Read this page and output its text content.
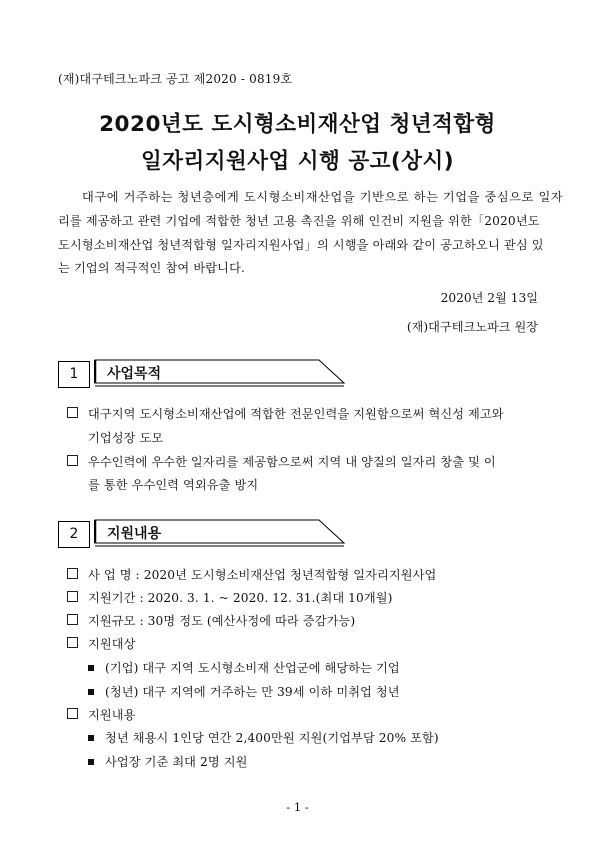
(재)대구테크노파크 공고 제2020 - 0819호
2020년도 도시형소비재산업 청년적합형
일자리지원사업 시행 공고(상시)
대구에 거주하는 청년층에게 도시형소비재산업을 기반으로 하는 기업을 중심으로 일자
리를 제공하고 관련 기업에 적합한 청년 고용 촉진을 위해 인건비 지원을 위한「2020년도
도시형소비재산업 청년적합형 일자리지원사업」의 시행을 아래와 같이 공고하오니 관심 있
는 기업의 적극적인 참여 바랍니다.
2020년 2월 13일
(재)대구테크노파크 원장
1	사업목적
대구지역 도시형소비재산업에 적합한 전문인력을 지원함으로써 혁신성 제고와
기업성장 도모
우수인력에 우수한 일자리를 제공함으로써 지역 내 양질의 일자리 창출 및 이
를 통한 우수인력 역외유출 방지
2	지원내용
사 업 명 : 2020년 도시형소비재산업 청년적합형 일자리지원사업
지원기간 : 2020. 3. 1. ~ 2020. 12. 31.(최대 10개월)
지원규모 : 30명 정도 (예산사정에 따라 증감가능)
지원대상
(기업) 대구 지역 도시형소비재 산업군에 해당하는 기업
(청년) 대구 지역에 거주하는 만 39세 이하 미취업 청년
지원내용
청년 채용시 1인당 연간 2,400만원 지원(기업부담 20% 포함)
사업장 기준 최대 2명 지원
- 1 -
